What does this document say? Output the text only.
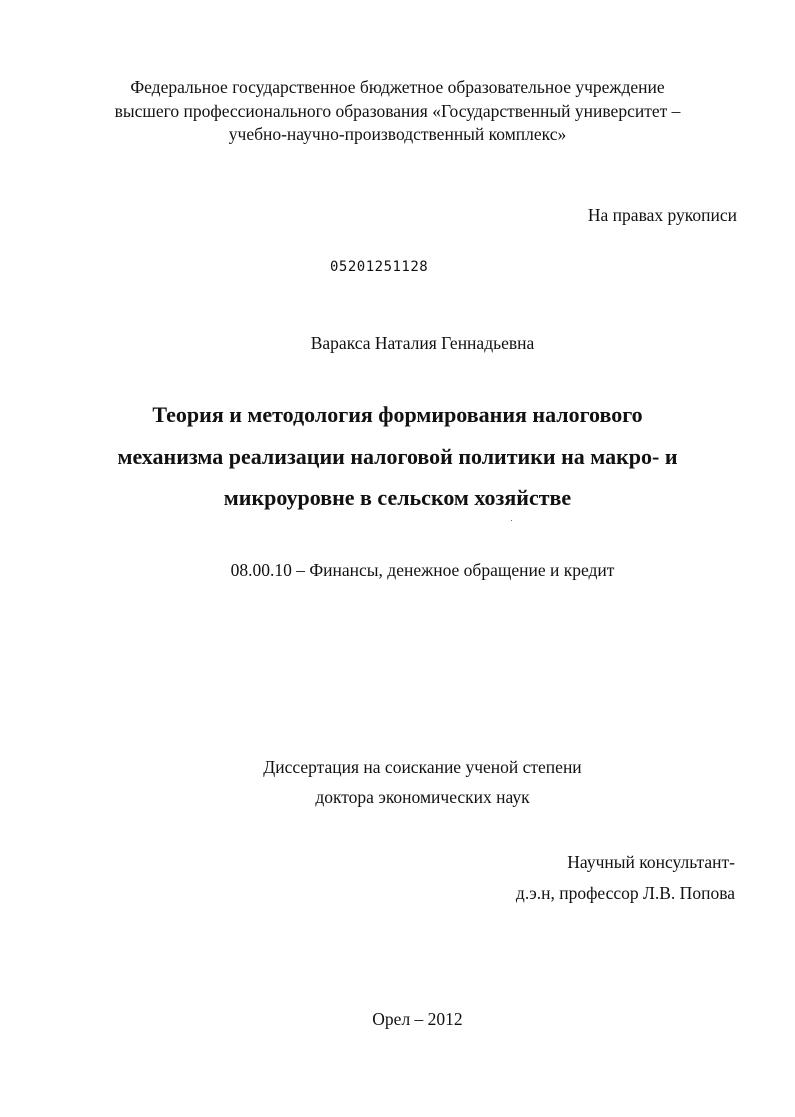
Федеральное государственное бюджетное образовательное учреждение
высшего профессионального образования «Государственный университет –
учебно-научно-производственный комплекс»
На правах рукописи
05201251128
Варакса Наталия Геннадьевна
Теория и методология формирования налогового
механизма реализации налоговой политики на макро- и
микроуровне в сельском хозяйстве
08.00.10 – Финансы, денежное обращение и кредит
Диссертация на соискание ученой степени
доктора экономических наук
Научный консультант-
д.э.н, профессор Л.В. Попова
Орел – 2012
